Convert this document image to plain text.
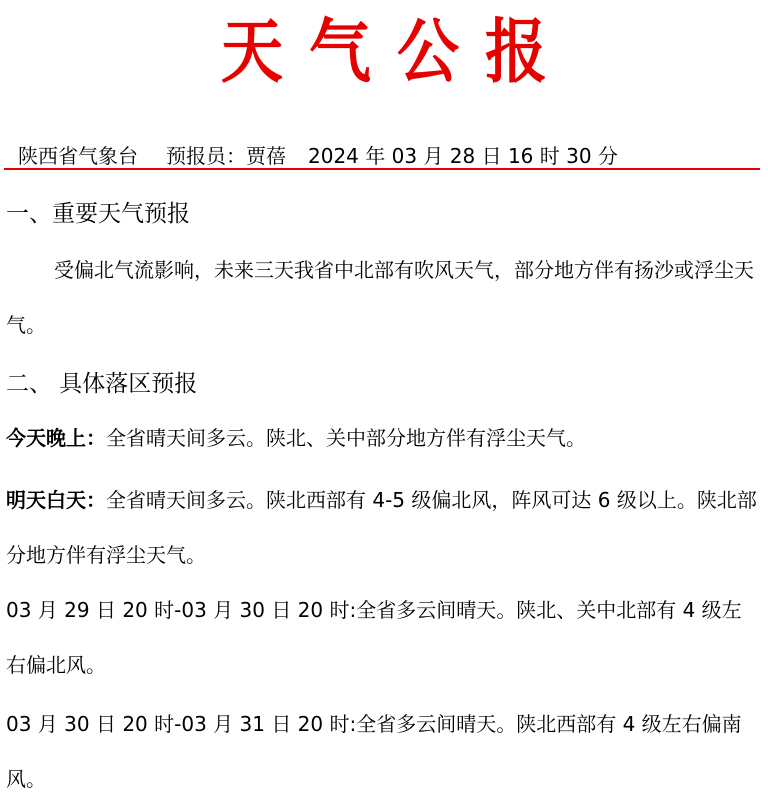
天气公报
陕西省气象台 预报员：贾蓓 2024 年 03 月 28 日 16 时 30 分
一、重要天气预报
受偏北气流影响，未来三天我省中北部有吹风天气，部分地方伴有扬沙或浮尘天气。
二、 具体落区预报
今天晚上：全省晴天间多云。陕北、关中部分地方伴有浮尘天气。
明天白天：全省晴天间多云。陕北西部有 4-5 级偏北风，阵风可达 6 级以上。陕北部分地方伴有浮尘天气。
03 月 29 日 20 时-03 月 30 日 20 时:全省多云间晴天。陕北、关中北部有 4 级左右偏北风。
03 月 30 日 20 时-03 月 31 日 20 时:全省多云间晴天。陕北西部有 4 级左右偏南风。
